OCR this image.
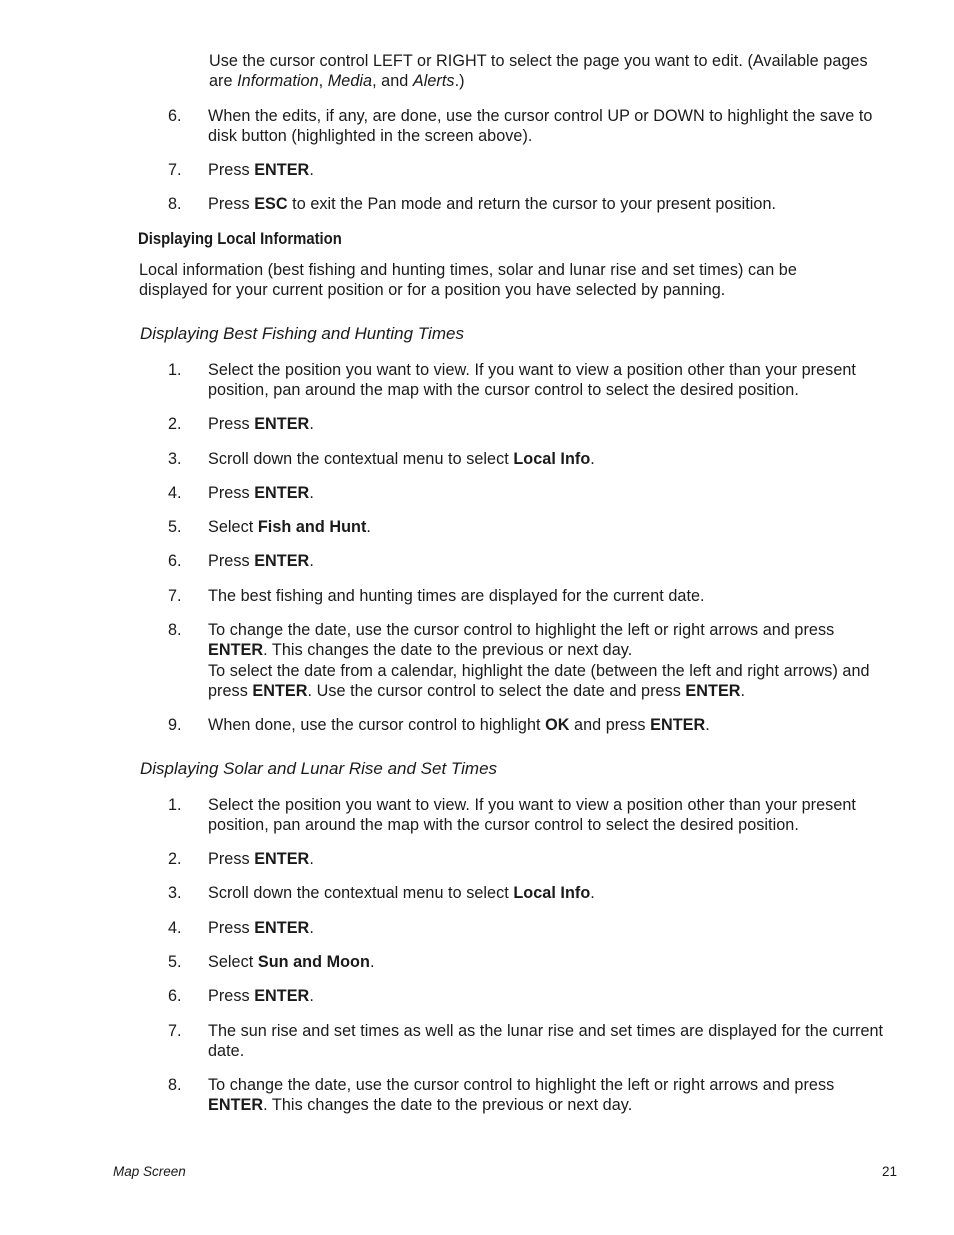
Use the cursor control LEFT or RIGHT to select the page you want to edit. (Available pages
are Information, Media, and Alerts.)
6.	When the edits, if any, are done, use the cursor control UP or DOWN to highlight the save to disk button (highlighted in the screen above).
7.	Press ENTER.
8.	Press ESC to exit the Pan mode and return the cursor to your present position.
Displaying Local Information
Local information (best fishing and hunting times, solar and lunar rise and set times) can be displayed for your current position or for a position you have selected by panning.
Displaying Best Fishing and Hunting Times
1.	Select the position you want to view. If you want to view a position other than your present position, pan around the map with the cursor control to select the desired position.
2.	Press ENTER.
3.	Scroll down the contextual menu to select Local Info.
4.	Press ENTER.
5.	Select Fish and Hunt.
6.	Press ENTER.
7.	The best fishing and hunting times are displayed for the current date.
8.	To change the date, use the cursor control to highlight the left or right arrows and press
ENTER. This changes the date to the previous or next day.
To select the date from a calendar, highlight the date (between the left and right arrows) and
press ENTER. Use the cursor control to select the date and press ENTER.
9.	When done, use the cursor control to highlight OK and press ENTER.
Displaying Solar and Lunar Rise and Set Times
1.	Select the position you want to view. If you want to view a position other than your present position, pan around the map with the cursor control to select the desired position.
2.	Press ENTER.
3.	Scroll down the contextual menu to select Local Info.
4.	Press ENTER.
5.	Select Sun and Moon.
6.	Press ENTER.
7.	The sun rise and set times as well as the lunar rise and set times are displayed for the current date.
8.	To change the date, use the cursor control to highlight the left or right arrows and press
ENTER. This changes the date to the previous or next day.
Map Screen	21
